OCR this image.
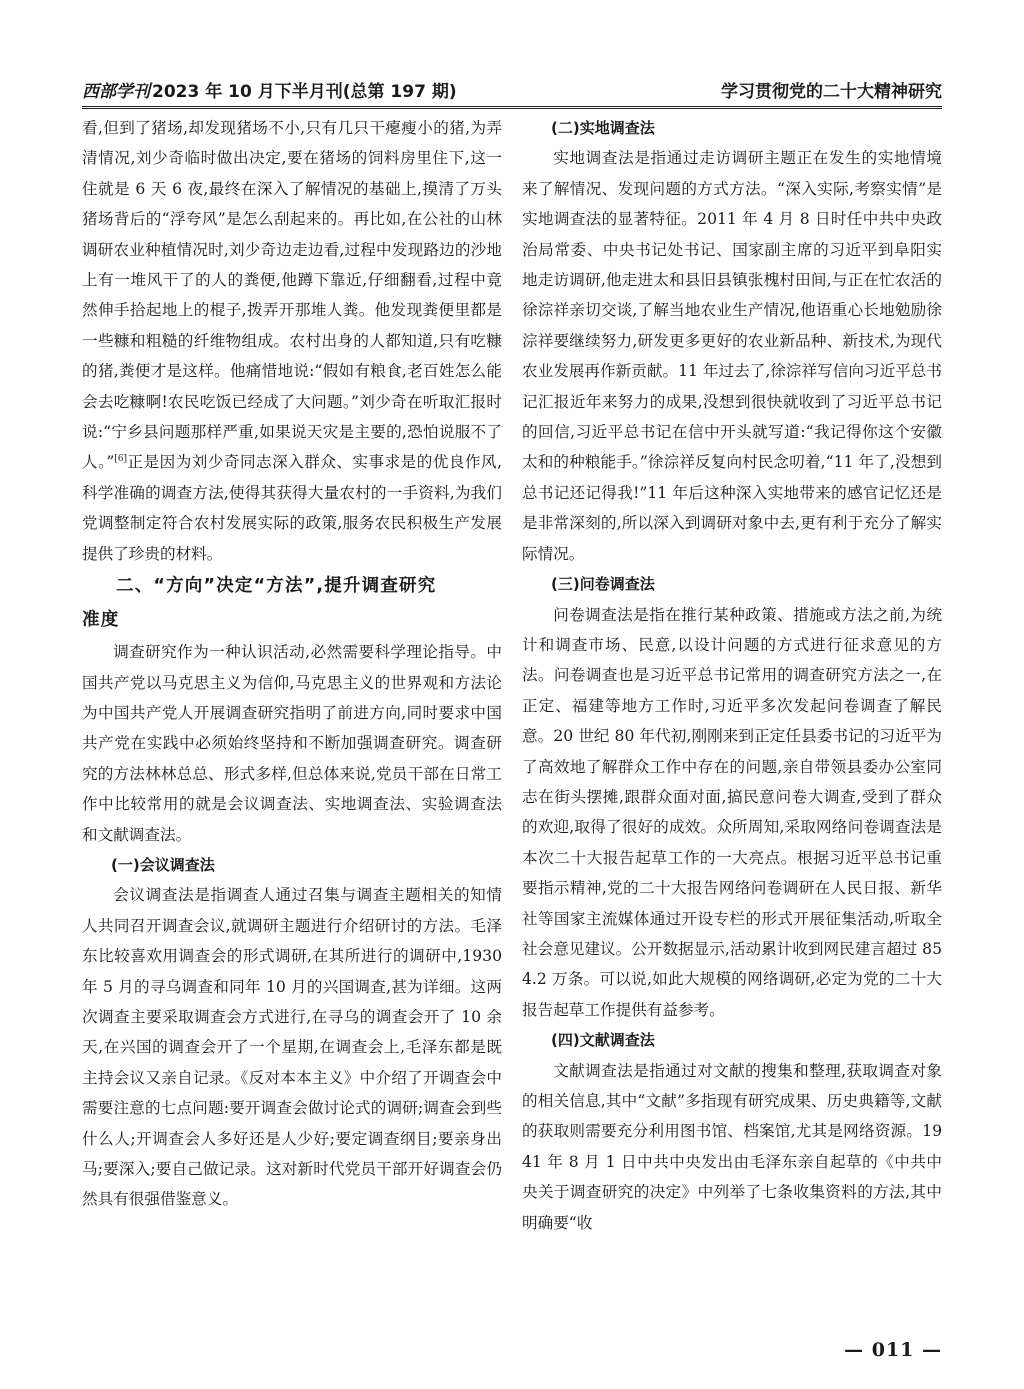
西部学刊 2023 年 10 月下半月刊(总第 197 期)	学习贯彻党的二十大精神研究

看,但到了猪场,却发现猪场不小,只有几只干瘪瘦小的猪,为弄清情况,刘少奇临时做出决定,要在猪场的饲料房里住下,这一住就是 6 天 6 夜,最终在深入了解情况的基础上,摸清了万头猪场背后的“浮夸风”是怎么刮起来的。再比如,在公社的山林调研农业种植情况时,刘少奇边走边看,过程中发现路边的沙地上有一堆风干了的人的粪便,他蹲下靠近,仔细翻看,过程中竟然伸手拾起地上的棍子,拨弄开那堆人粪。他发现粪便里都是一些糠和粗糙的纤维物组成。农村出身的人都知道,只有吃糠的猪,粪便才是这样。他痛惜地说:“假如有粮食,老百姓怎么能会去吃糠啊!农民吃饭已经成了大问题。”刘少奇在听取汇报时说:“宁乡县问题那样严重,如果说天灾是主要的,恐怕说服不了人。”[6]正是因为刘少奇同志深入群众、实事求是的优良作风,科学准确的调查方法,使得其获得大量农村的一手资料,为我们党调整制定符合农村发展实际的政策,服务农民积极生产发展提供了珍贵的材料。

二、“方向”决定“方法”,提升调查研究
准度

调查研究作为一种认识活动,必然需要科学理论指导。中国共产党以马克思主义为信仰,马克思主义的世界观和方法论为中国共产党人开展调查研究指明了前进方向,同时要求中国共产党在实践中必须始终坚持和不断加强调查研究。调查研究的方法林林总总、形式多样,但总体来说,党员干部在日常工作中比较常用的就是会议调查法、实地调查法、实验调查法和文献调查法。

(一)会议调查法

会议调查法是指调查人通过召集与调查主题相关的知情人共同召开调查会议,就调研主题进行介绍研讨的方法。毛泽东比较喜欢用调查会的形式调研,在其所进行的调研中,1930 年 5 月的寻乌调查和同年 10 月的兴国调查,甚为详细。这两次调查主要采取调查会方式进行,在寻乌的调查会开了 10 余天,在兴国的调查会开了一个星期,在调查会上,毛泽东都是既主持会议又亲自记录。《反对本本主义》中介绍了开调查会中需要注意的七点问题:要开调查会做讨论式的调研;调查会到些什么人;开调查会人多好还是人少好;要定调查纲目;要亲身出马;要深入;要自己做记录。这对新时代党员干部开好调查会仍然具有很强借鉴意义。

(二)实地调查法

实地调查法是指通过走访调研主题正在发生的实地情境来了解情况、发现问题的方式方法。“深入实际,考察实情”是实地调查法的显著特征。2011 年 4 月 8 日时任中共中央政治局常委、中央书记处书记、国家副主席的习近平到阜阳实地走访调研,他走进太和县旧县镇张槐村田间,与正在忙农活的徐淙祥亲切交谈,了解当地农业生产情况,他语重心长地勉励徐淙祥要继续努力,研发更多更好的农业新品种、新技术,为现代农业发展再作新贡献。11 年过去了,徐淙祥写信向习近平总书记汇报近年来努力的成果,没想到很快就收到了习近平总书记的回信,习近平总书记在信中开头就写道:“我记得你这个安徽太和的种粮能手。”徐淙祥反复向村民念叨着,“11 年了,没想到总书记还记得我!”11 年后这种深入实地带来的感官记忆还是是非常深刻的,所以深入到调研对象中去,更有利于充分了解实际情况。

(三)问卷调查法

问卷调查法是指在推行某种政策、措施或方法之前,为统计和调查市场、民意,以设计问题的方式进行征求意见的方法。问卷调查也是习近平总书记常用的调查研究方法之一,在正定、福建等地方工作时,习近平多次发起问卷调查了解民意。20 世纪 80 年代初,刚刚来到正定任县委书记的习近平为了高效地了解群众工作中存在的问题,亲自带领县委办公室同志在街头摆摊,跟群众面对面,搞民意问卷大调查,受到了群众的欢迎,取得了很好的成效。众所周知,采取网络问卷调查法是本次二十大报告起草工作的一大亮点。根据习近平总书记重要指示精神,党的二十大报告网络问卷调研在人民日报、新华社等国家主流媒体通过开设专栏的形式开展征集活动,听取全社会意见建议。公开数据显示,活动累计收到网民建言超过 854.2 万条。可以说,如此大规模的网络调研,必定为党的二十大报告起草工作提供有益参考。

(四)文献调查法

文献调查法是指通过对文献的搜集和整理,获取调查对象的相关信息,其中“文献”多指现有研究成果、历史典籍等,文献的获取则需要充分利用图书馆、档案馆,尤其是网络资源。1941 年 8 月 1 日中共中央发出由毛泽东亲自起草的《中共中央关于调查研究的决定》中列举了七条收集资料的方法,其中明确要“收

— 011 —
